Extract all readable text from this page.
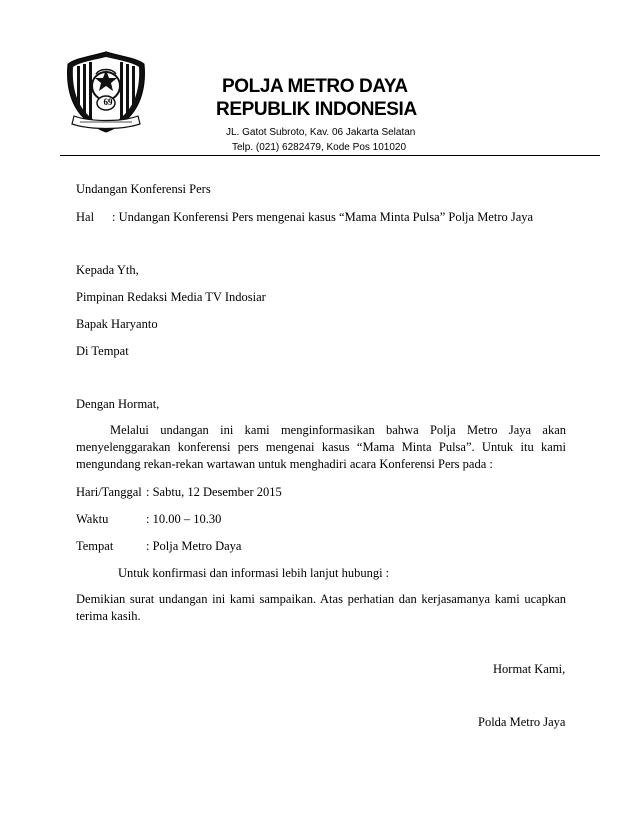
69
POLJA METRO DAYA
REPUBLIK INDONESIA
JL. Gatot Subroto, Kav. 06 Jakarta Selatan
Telp. (021) 6282479, Kode Pos 101020
Undangan Konferensi Pers
Hal : Undangan Konferensi Pers mengenai kasus “Mama Minta Pulsa” Polja Metro Jaya
Kepada Yth,
Pimpinan Redaksi Media TV Indosiar
Bapak Haryanto
Di Tempat
Dengan Hormat,
Melalui undangan ini kami menginformasikan bahwa Polja Metro Jaya akan
menyelenggarakan konferensi pers mengenai kasus “Mama Minta Pulsa”. Untuk itu kami
mengundang rekan-rekan wartawan untuk menghadiri acara Konferensi Pers pada :
Hari/Tanggal : Sabtu, 12 Desember 2015
Waktu	: 10.00 – 10.30
Tempat	: Polja Metro Daya
Untuk konfirmasi dan informasi lebih lanjut hubungi :
Demikian surat undangan ini kami sampaikan. Atas perhatian dan kerjasamanya kami ucapkan
terima kasih.
Hormat Kami,
Polda Metro Jaya
